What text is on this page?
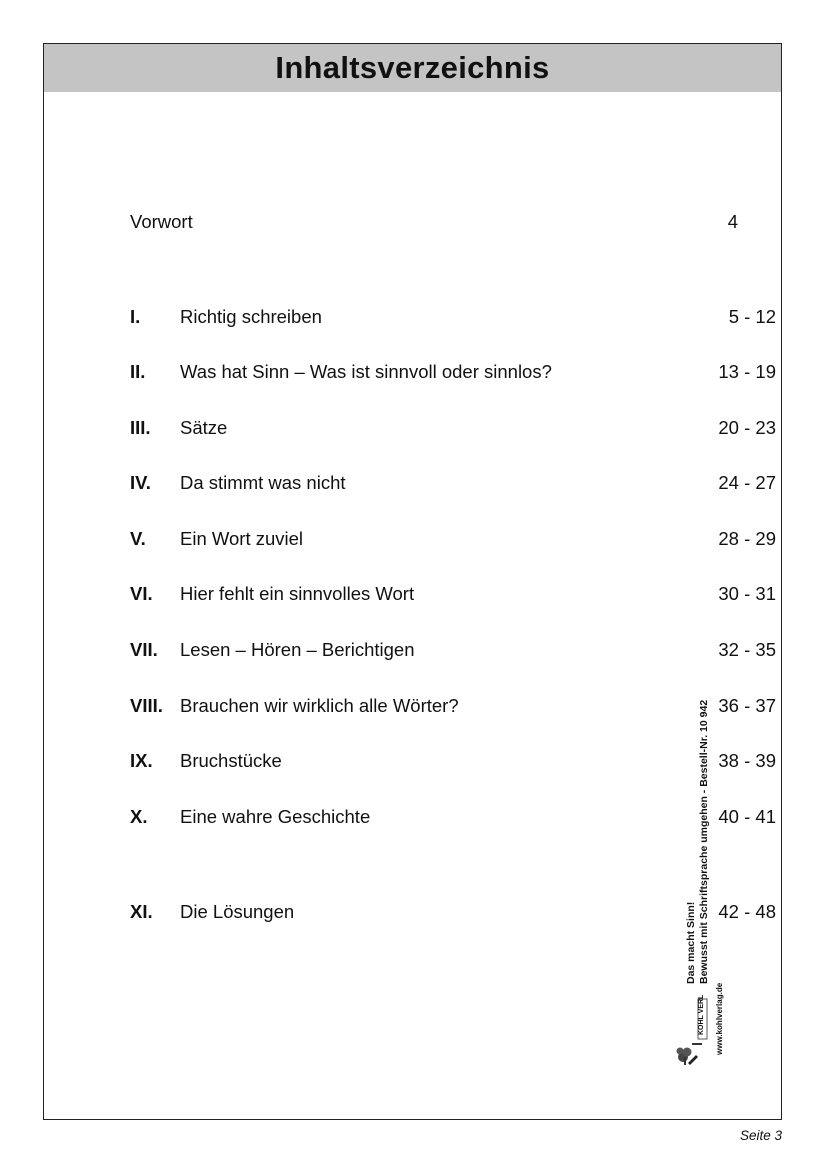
Inhaltsverzeichnis
Vorwort	4
I. Richtig schreiben	5 - 12
II. Was hat Sinn – Was ist sinnvoll oder sinnlos?	13 - 19
III. Sätze	20 - 23
IV. Da stimmt was nicht	24 - 27
V. Ein Wort zuviel	28 - 29
VI. Hier fehlt ein sinnvolles Wort	30 - 31
VII. Lesen – Hören – Berichtigen	32 - 35
VIII. Brauchen wir wirklich alle Wörter?	36 - 37
IX. Bruchstücke	38 - 39
X. Eine wahre Geschichte	40 - 41
XI. Die Lösungen	42 - 48
Das macht Sinn! Bewusst mit Schriftsprache umgehen - Bestell-Nr. 10 942
www.kohlverlag.de
KOHL VERLAG
Seite 3
